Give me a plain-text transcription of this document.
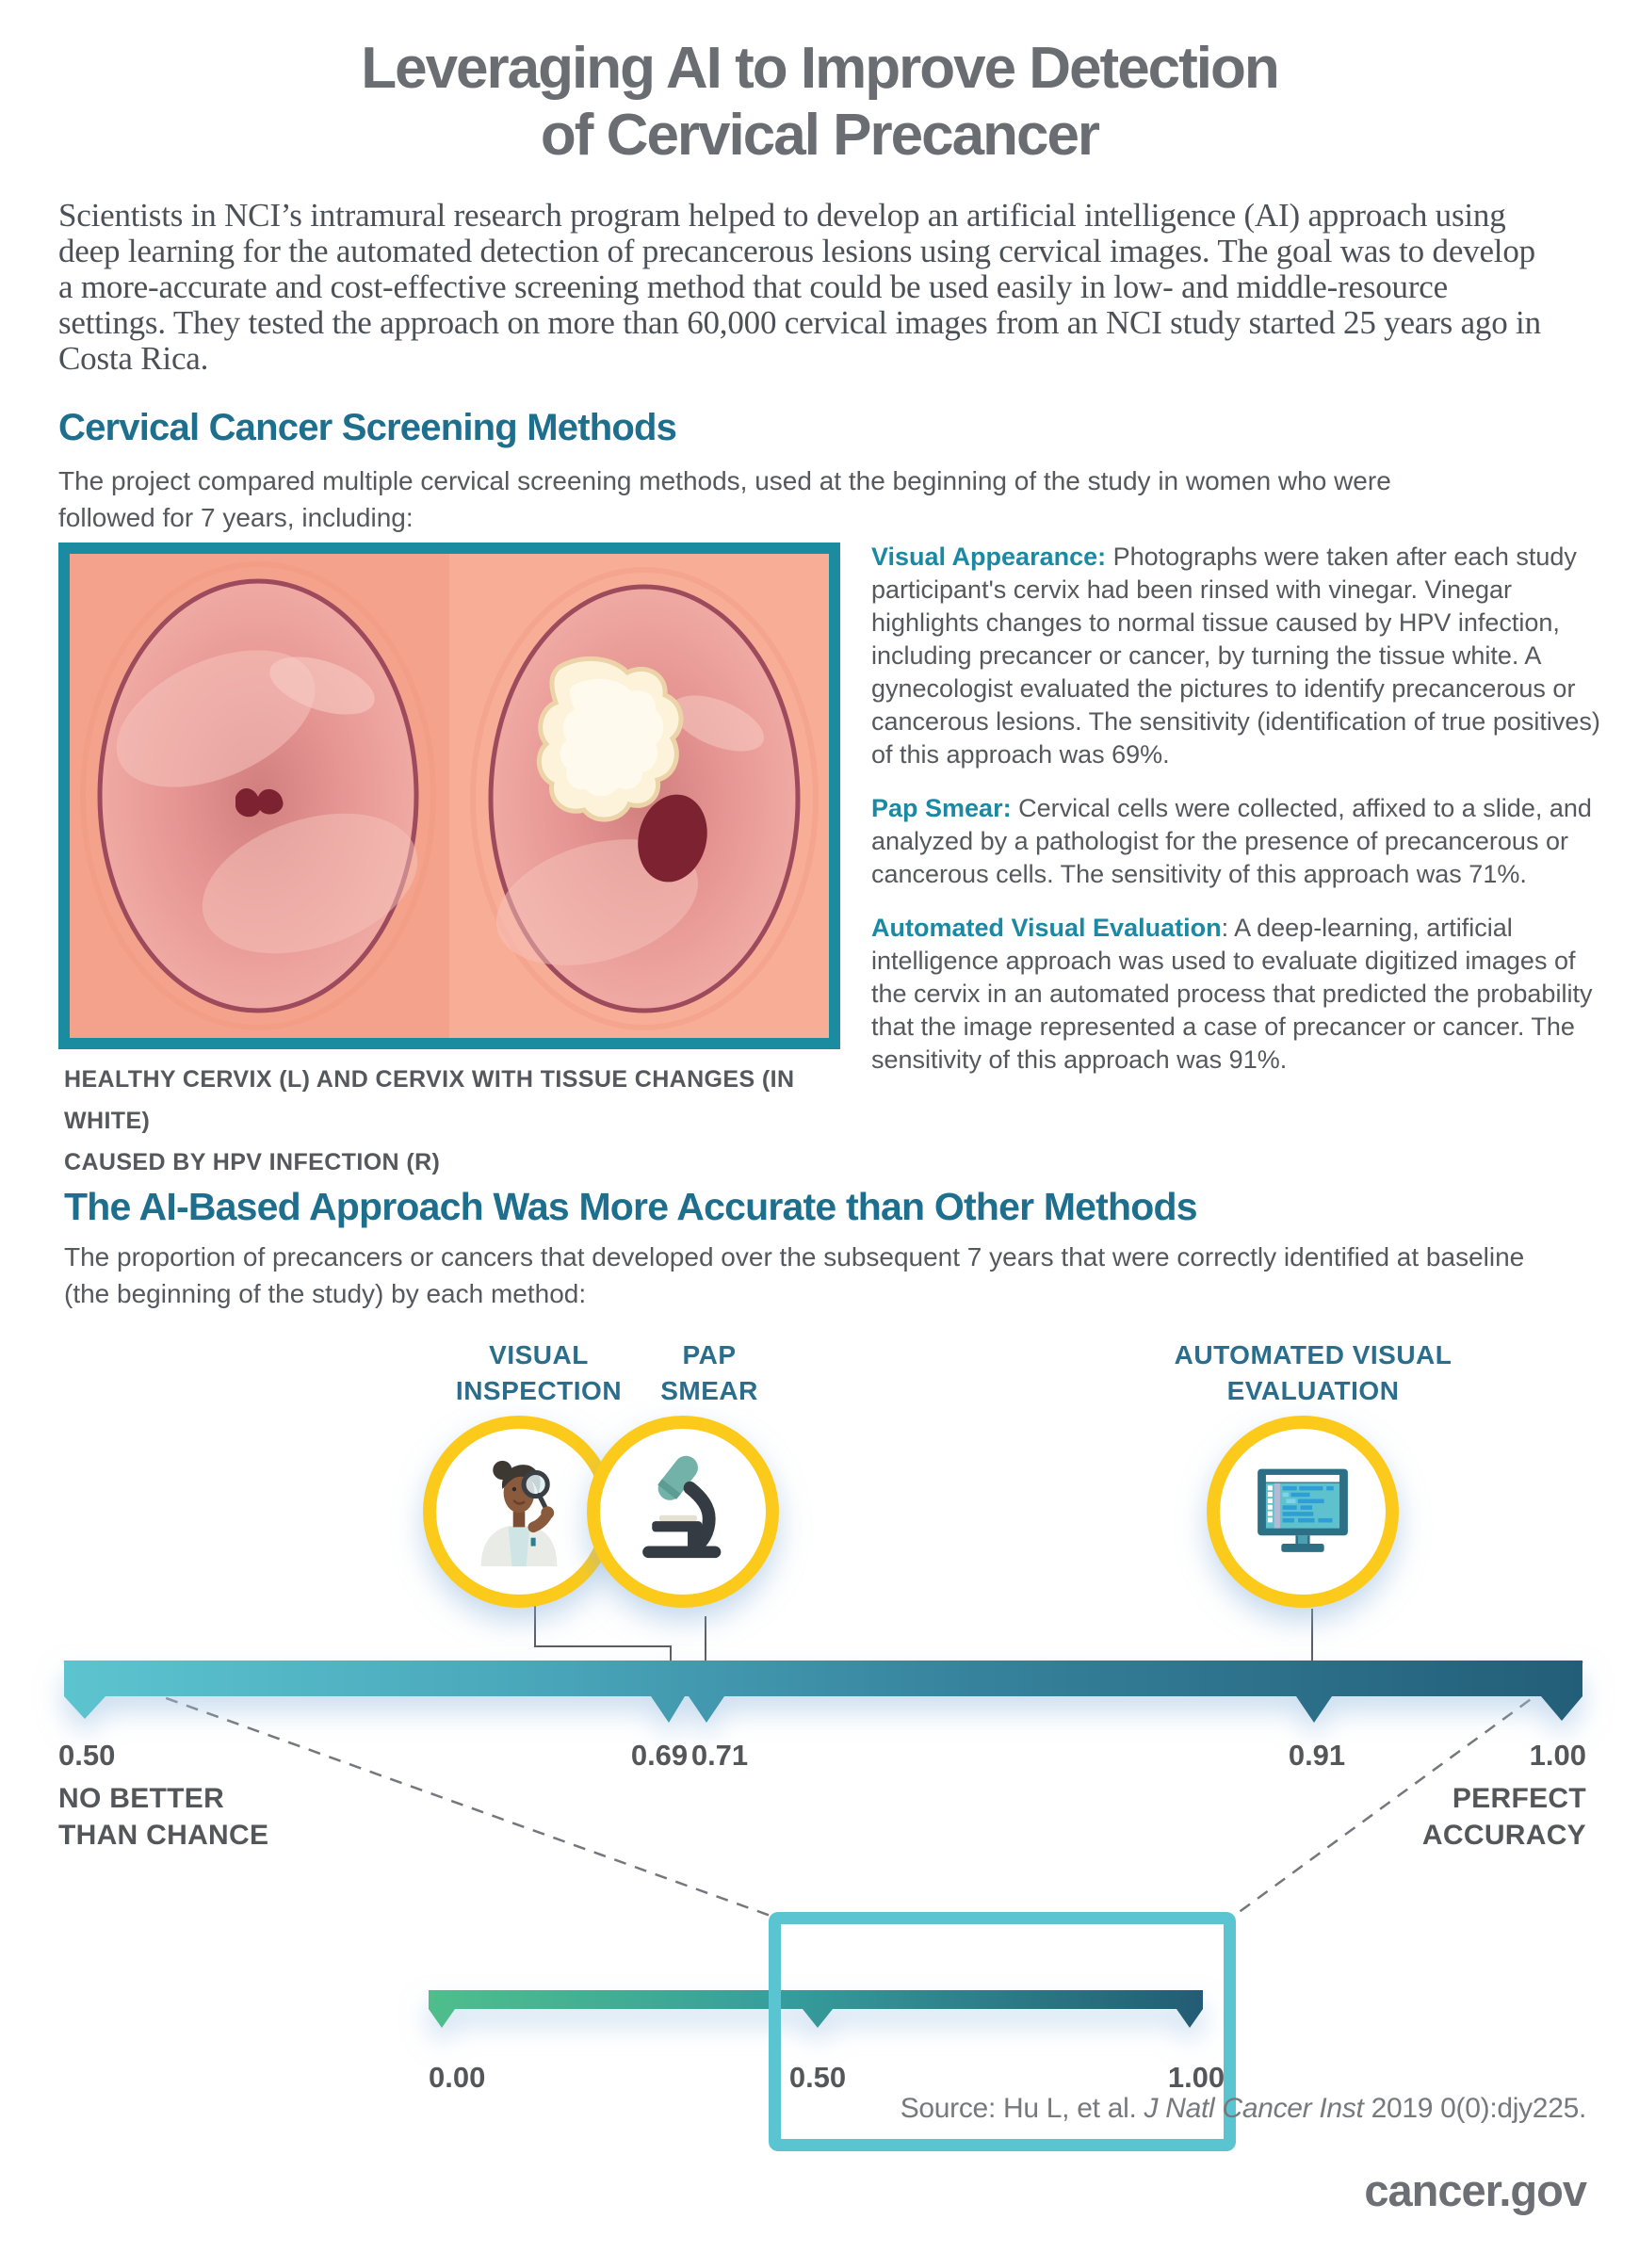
Leveraging AI to Improve Detection
of Cervical Precancer
Scientists in NCI’s intramural research program helped to develop an artificial intelligence (AI) approach using deep learning for the automated detection of precancerous lesions using cervical images. The goal was to develop a more-accurate and cost-effective screening method that could be used easily in low- and middle-resource settings. They tested the approach on more than 60,000 cervical images from an NCI study started 25 years ago in Costa Rica.
Cervical Cancer Screening Methods
The project compared multiple cervical screening methods, used at the beginning of the study in women who were followed for 7 years, including:
HEALTHY CERVIX (L) AND CERVIX WITH TISSUE CHANGES (IN WHITE)
CAUSED BY HPV INFECTION (R)

Visual Appearance: Photographs were taken after each study participant's cervix had been rinsed with vinegar. Vinegar highlights changes to normal tissue caused by HPV infection, including precancer or cancer, by turning the tissue white. A gynecologist evaluated the pictures to identify precancerous or cancerous lesions. The sensitivity (identification of true positives) of this approach was 69%.

Pap Smear: Cervical cells were collected, affixed to a slide, and analyzed by a pathologist for the presence of precancerous or cancerous cells. The sensitivity of this approach was 71%.

Automated Visual Evaluation: A deep-learning, artificial intelligence approach was used to evaluate digitized images of the cervix in an automated process that predicted the probability that the image represented a case of precancer or cancer. The sensitivity of this approach was 91%.

The AI-Based Approach Was More Accurate than Other Methods
The proportion of precancers or cancers that developed over the subsequent 7 years that were correctly identified at baseline (the beginning of the study) by each method:
VISUAL
INSPECTION
PAP
SMEAR
AUTOMATED VISUAL
EVALUATION
0.50	0.69 0.71	0.91	1.00
NO BETTER
THAN CHANCE
PERFECT
ACCURACY
0.00	0.50	1.00
Source: Hu L, et al. J Natl Cancer Inst 2019 0(0):djy225.
cancer.gov
